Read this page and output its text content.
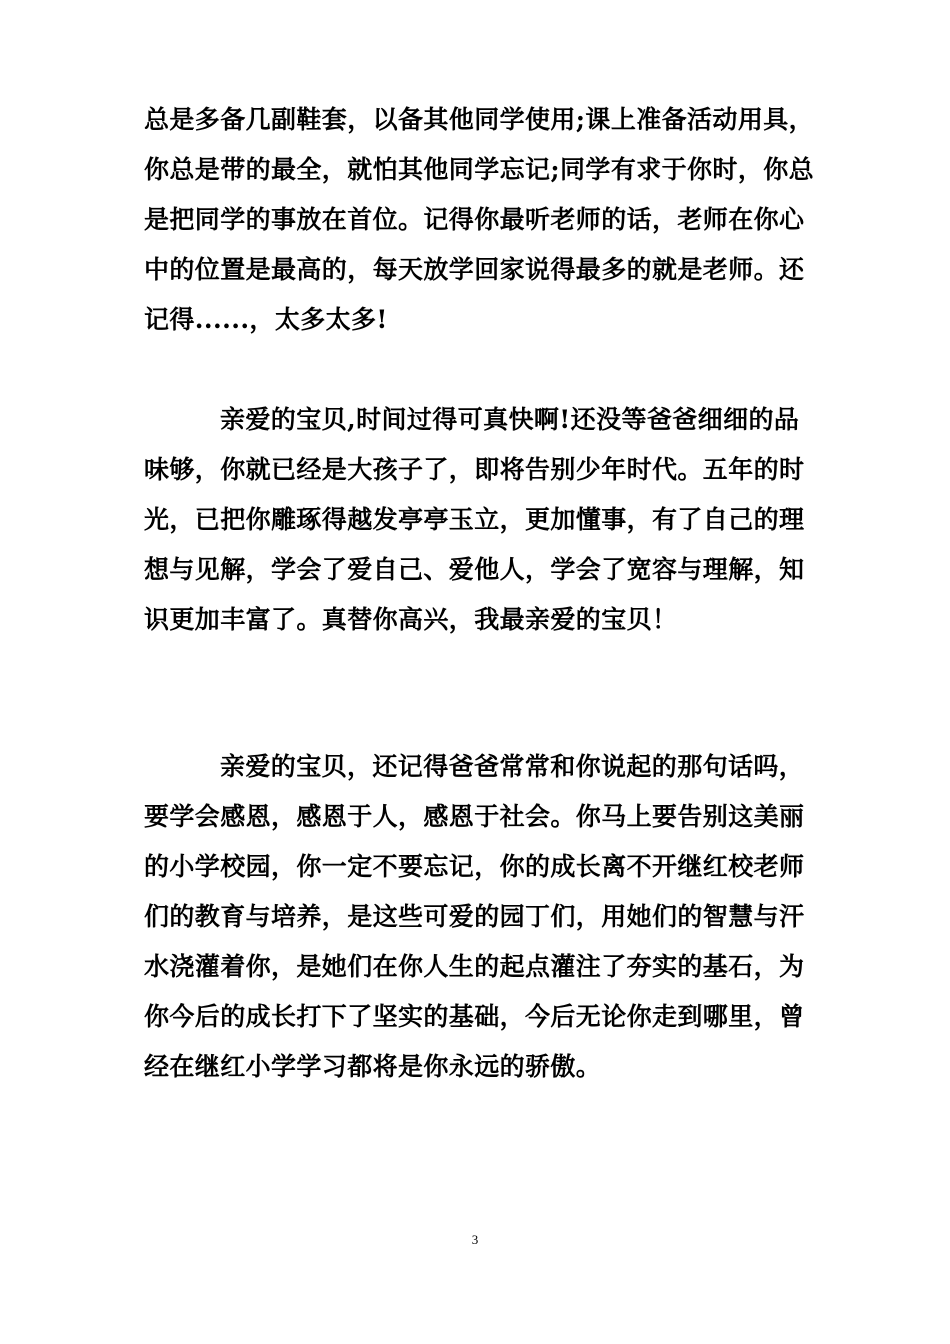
总是多备几副鞋套，以备其他同学使用;课上准备活动用具，
你总是带的最全，就怕其他同学忘记;同学有求于你时，你总
是把同学的事放在首位。记得你最听老师的话，老师在你心
中的位置是最高的，每天放学回家说得最多的就是老师。还
记得......，太多太多!

亲爱的宝贝,时间过得可真快啊!还没等爸爸细细的品
味够，你就已经是大孩子了，即将告别少年时代。五年的时
光，已把你雕琢得越发亭亭玉立，更加懂事，有了自己的理
想与见解，学会了爱自己、爱他人，学会了宽容与理解，知
识更加丰富了。真替你高兴，我最亲爱的宝贝！

亲爱的宝贝，还记得爸爸常常和你说起的那句话吗，
要学会感恩，感恩于人，感恩于社会。你马上要告别这美丽
的小学校园，你一定不要忘记，你的成长离不开继红校老师
们的教育与培养，是这些可爱的园丁们，用她们的智慧与汗
水浇灌着你，是她们在你人生的起点灌注了夯实的基石，为
你今后的成长打下了坚实的基础，今后无论你走到哪里，曾
经在继红小学学习都将是你永远的骄傲。

3
